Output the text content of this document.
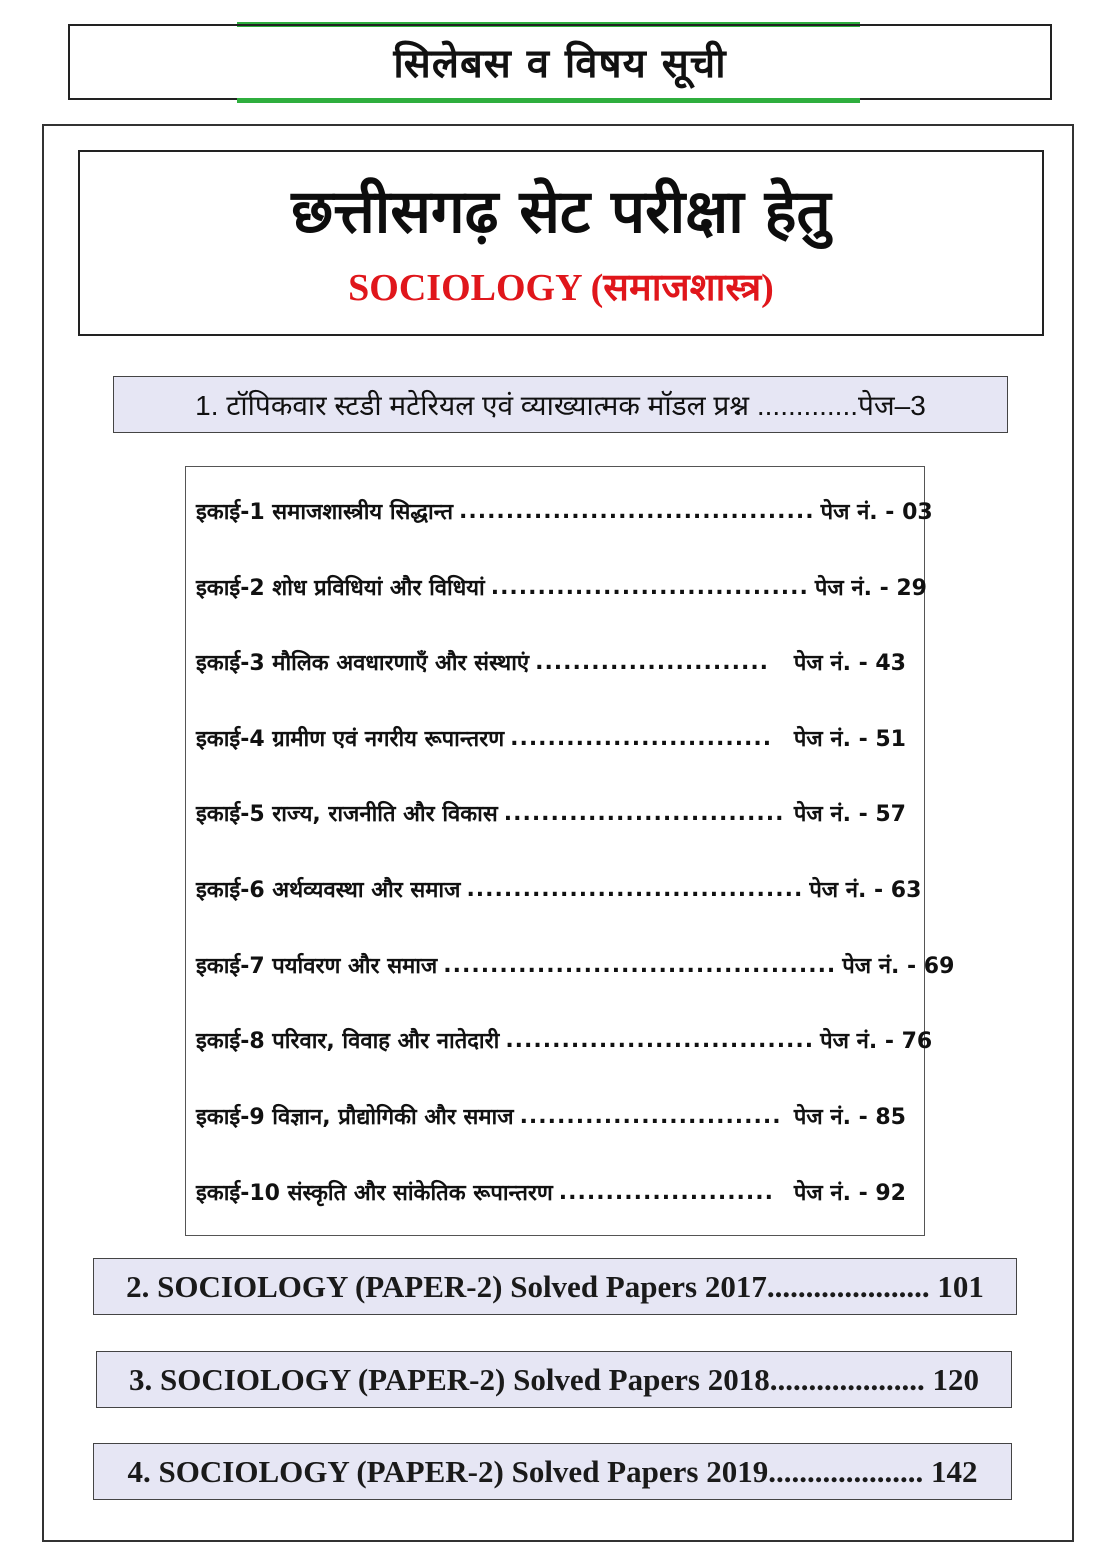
सिलेबस व विषय सूची
छत्तीसगढ़ सेट परीक्षा हेतु
SOCIOLOGY (समाजशास्त्र)
1. टॉपिकवार स्टडी मटेरियल एवं व्याख्यात्मक मॉडल प्रश्न .............पेज–3
इकाई-1 समाजशास्त्रीय सिद्धान्त ...................................... पेज नं. - 03
इकाई-2 शोध प्रविधियां और विधियां .................................. पेज नं. - 29
इकाई-3 मौलिक अवधारणाएँ और संस्थाएं .........................	पेज नं. - 43
इकाई-4 ग्रामीण एवं नगरीय रूपान्तरण ............................ पेज नं. - 51
इकाई-5 राज्य, राजनीति और विकास .............................. पेज नं. - 57
इकाई-6 अर्थव्यवस्था और समाज .................................... पेज नं. - 63
इकाई-7 पर्यावरण और समाज .......................................... पेज नं. - 69
इकाई-8 परिवार, विवाह और नातेदारी ................................. पेज नं. - 76
इकाई-9 विज्ञान, प्रौद्योगिकी और समाज ............................ पेज नं. - 85
इकाई-10 संस्कृति और सांकेतिक रूपान्तरण ....................... पेज नं. - 92
2. SOCIOLOGY (PAPER-2) Solved Papers 2017..................... 101
3. SOCIOLOGY (PAPER-2) Solved Papers 2018.................... 120
4. SOCIOLOGY (PAPER-2) Solved Papers 2019.................... 142
